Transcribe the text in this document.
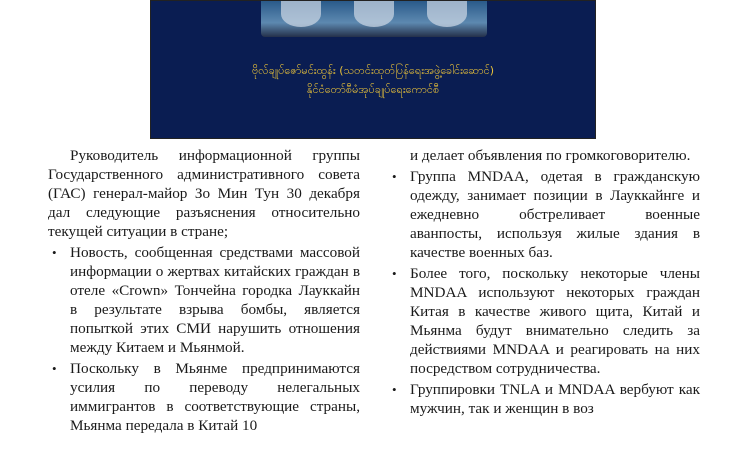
ဗိုလ်ချုပ်ဇော်မင်းထွန်း (သတင်းထုတ်ပြန်ရေးအဖွဲ့ခေါင်းဆောင်)
နိုင်ငံတော်စီမံအုပ်ချုပ်ရေးကောင်စီ

Руководитель информационной группы Государственного административного совета (ГАС) генерал-майор Зо Мин Тун 30 декабря дал следующие разъяснения относительно текущей ситуации в стране;

• Новость, сообщенная средствами массовой информации о жертвах китайских граждан в отеле «Crown» Тончейна городка Лауккайн в результате взрыва бомбы, является попыткой этих СМИ нарушить отношения между Китаем и Мьянмой.
• Поскольку в Мьянме предпринимаются усилия по переводу нелегальных иммигрантов в соответствующие страны, Мьянма передала в Китай 10

и делает объявления по громкоговорителю.

• Группа MNDAA, одетая в гражданскую одежду, занимает позиции в Лауккайнге и ежедневно обстреливает военные аванпосты, используя жилые здания в качестве военных баз.
• Более того, поскольку некоторые члены MNDAA используют некоторых граждан Китая в качестве живого щита, Китай и Мьянма будут внимательно следить за действиями MNDAA и реагировать на них посредством сотрудничества.
• Группировки TNLA и MNDAA вербуют как мужчин, так и женщин в воз
